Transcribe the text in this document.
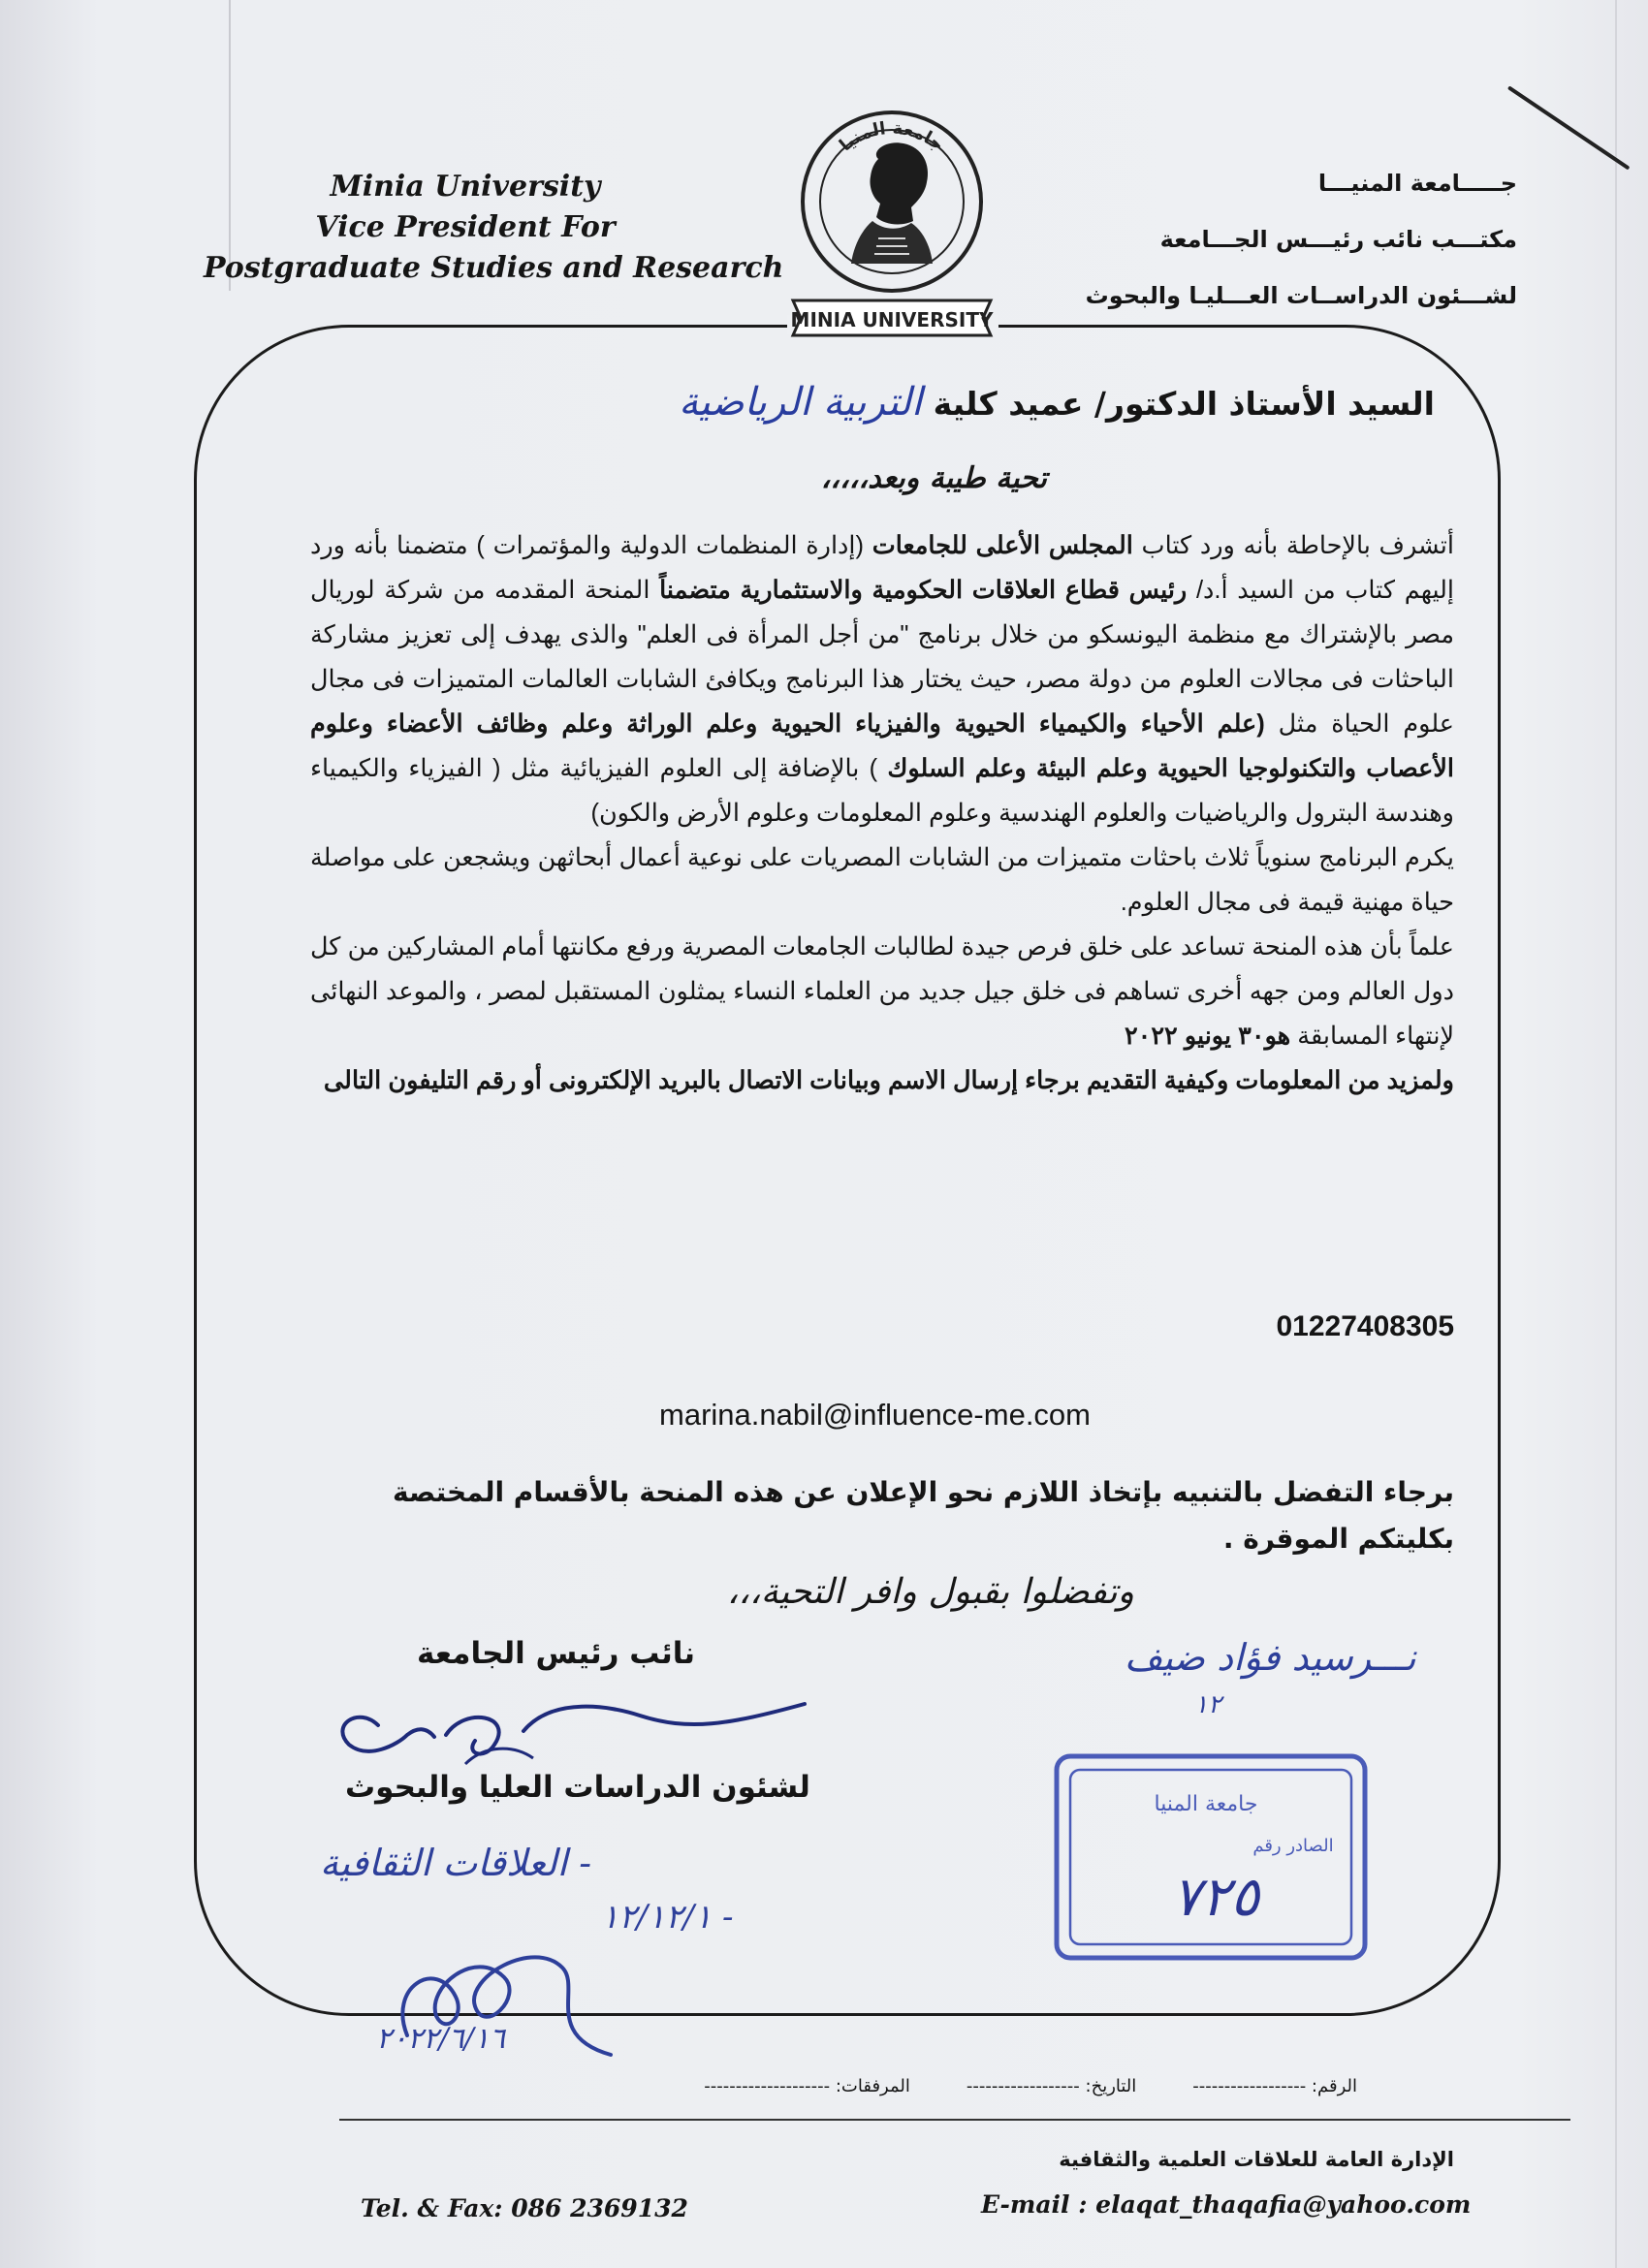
Minia University
Vice President For
Postgraduate Studies and Research
جـــــامعة المنيـــا
مكتـــب نائب رئيـــس الجـــامعة
لشـــئون الدراســات العـــليـا والبحوث
جامعة المنيا
MINIA UNIVERSITY
السيد الأستاذ الدكتور/ عميد كلية التربية الرياضية
تحية طيبة وبعد،،،،،

أتشرف بالإحاطة بأنه ورد كتاب المجلس الأعلى للجامعات (إدارة المنظمات الدولية والمؤتمرات ) متضمنا بأنه ورد إليهم كتاب من السيد أ.د/ رئيس قطاع العلاقات الحكومية والاستثمارية متضمناً المنحة المقدمه من شركة لوريال مصر بالإشتراك مع منظمة اليونسكو من خلال برنامج "من أجل المرأة فى العلم" والذى يهدف إلى تعزيز مشاركة الباحثات فى مجالات العلوم من دولة مصر، حيث يختار هذا البرنامج ويكافئ الشابات العالمات المتميزات فى مجال علوم الحياة مثل (علم الأحياء والكيمياء الحيوية والفيزياء الحيوية وعلم الوراثة وعلم وظائف الأعضاء وعلوم الأعصاب والتكنولوجيا الحيوية وعلم البيئة وعلم السلوك ) بالإضافة إلى العلوم الفيزيائية مثل ( الفيزياء والكيمياء وهندسة البترول والرياضيات والعلوم الهندسية وعلوم المعلومات وعلوم الأرض والكون)

يكرم البرنامج سنوياً ثلاث باحثات متميزات من الشابات المصريات على نوعية أعمال أبحاثهن ويشجعن على مواصلة حياة مهنية قيمة فى مجال العلوم.

علماً بأن هذه المنحة تساعد على خلق فرص جيدة لطالبات الجامعات المصرية ورفع مكانتها أمام المشاركين من كل دول العالم ومن جهه أخرى تساهم فى خلق جيل جديد من العلماء النساء يمثلون المستقبل لمصر ، والموعد النهائى لإنتهاء المسابقة هو٣٠ يونيو ٢٠٢٢

ولمزيد من المعلومات وكيفية التقديم برجاء إرسال الاسم وبيانات الاتصال بالبريد الإلكترونى أو رقم التليفون التالى

01227408305
marina.nabil@influence-me.com
برجاء التفضل بالتنبيه بإتخاذ اللازم نحو الإعلان عن هذه المنحة بالأقسام المختصة بكليتكم الموقرة .
وتفضلوا بقبول وافر التحية،،،
نائب رئيس الجامعة
لشئون الدراسات العليا والبحوث
- العلاقات الثقافية
- ١٢/١٢/١
٢٠٢٢/٦/١٦
نـــرسيد فؤاد ضيف
١٢
جامعة المنيا
الصادر رقم
٧٢٥
الرقم: ------------------
التاريخ: ------------------
المرفقات: --------------------
الإدارة العامة للعلاقات العلمية والثقافية
E-mail : elaqat_thaqafia@yahoo.com
Tel. & Fax: 086 2369132
